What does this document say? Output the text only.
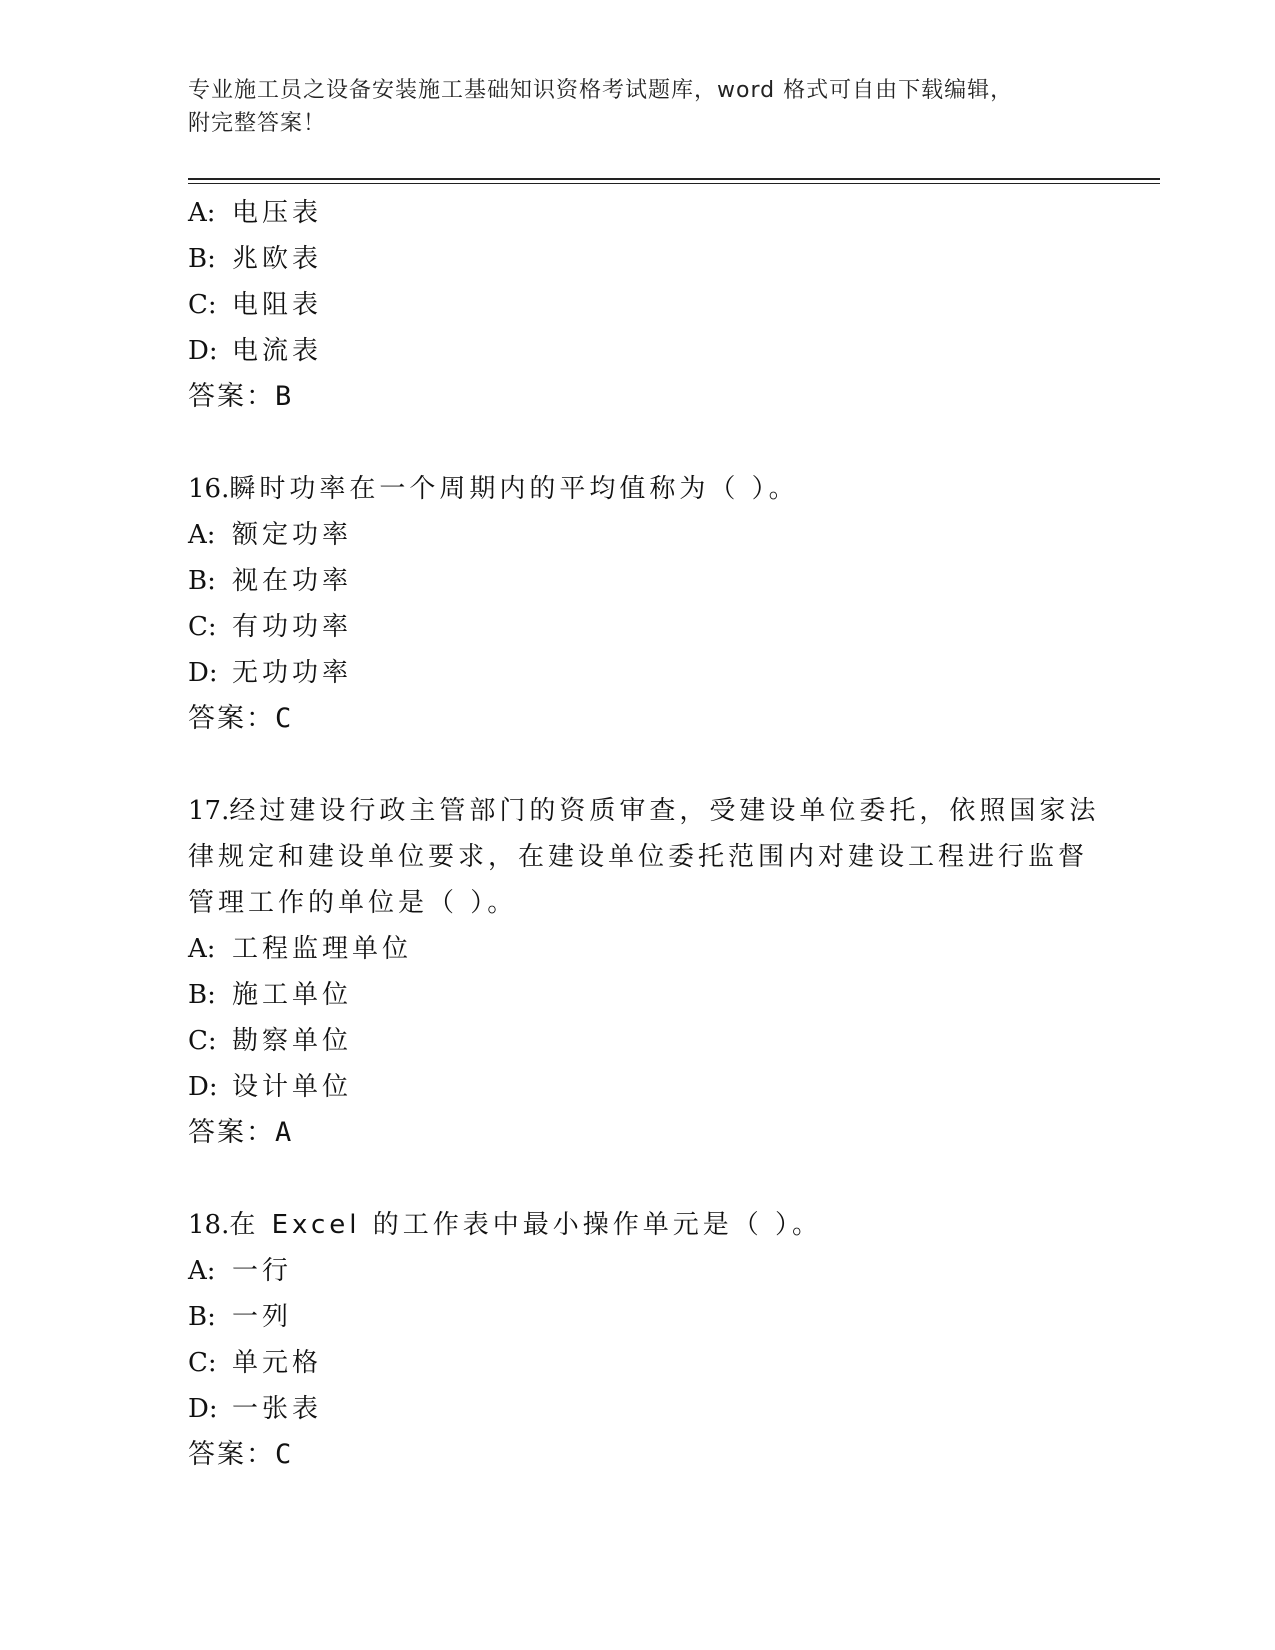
专业施工员之设备安装施工基础知识资格考试题库，word 格式可自由下载编辑，
附完整答案！
A: 电压表
B: 兆欧表
C: 电阻表
D: 电流表
答案：B
16.瞬时功率在一个周期内的平均值称为（ ）。
A: 额定功率
B: 视在功率
C: 有功功率
D: 无功功率
答案：C
17.经过建设行政主管部门的资质审查，受建设单位委托，依照国家法
律规定和建设单位要求，在建设单位委托范围内对建设工程进行监督
管理工作的单位是（ ）。
A: 工程监理单位
B: 施工单位
C: 勘察单位
D: 设计单位
答案：A
18.在 Excel 的工作表中最小操作单元是（ ）。
A: 一行
B: 一列
C: 单元格
D: 一张表
答案：C
